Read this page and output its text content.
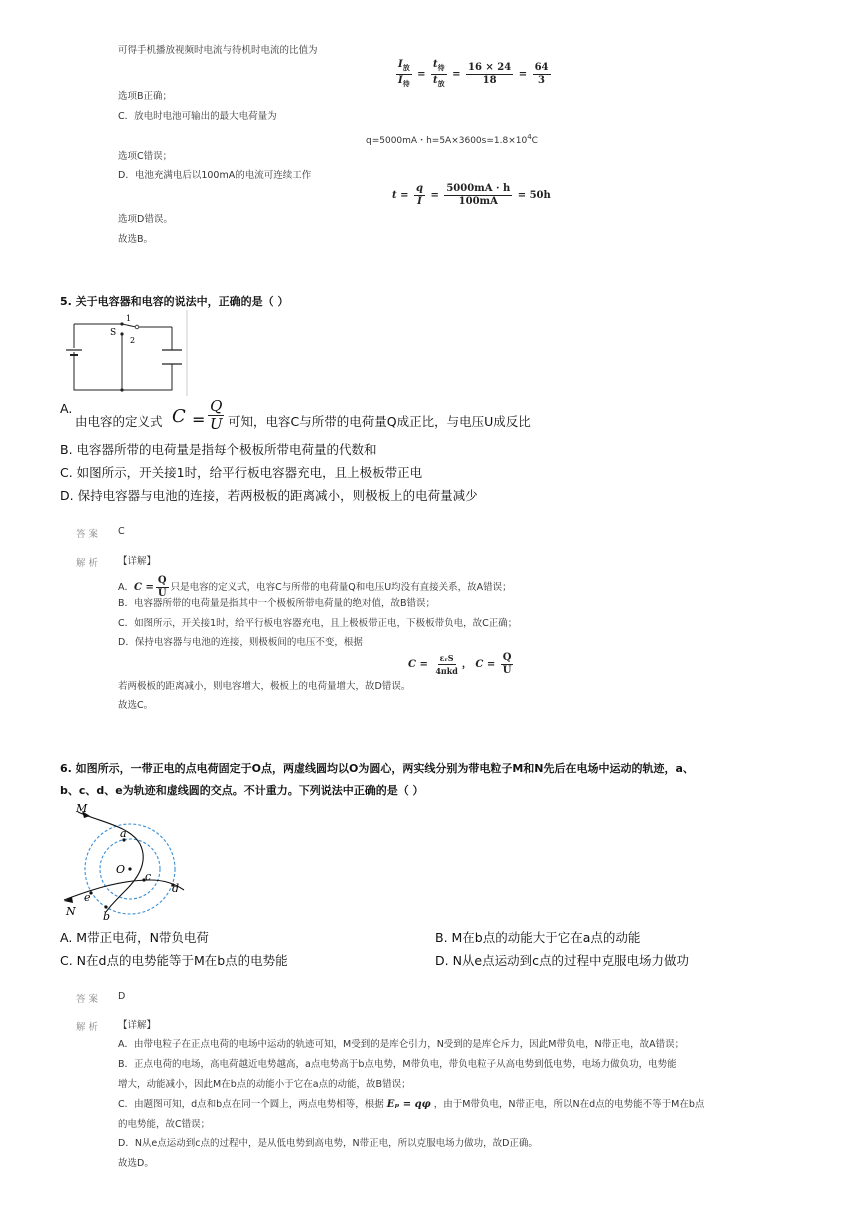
可得手机播放视频时电流与待机时电流的比值为
$\frac{I_放}{I_待} = \frac{t_待}{t_放} = \frac{16 \times 24}{18} = \frac{64}{3}$
选项B正确；
C．放电时电池可输出的最大电荷量为
q=5000mA・$h=5A\times 3600s=1.8\times 10^4C$
选项C错误；
D．电池充满电后以100mA的电流可连续工作
$t = \frac{q}{I} = \frac{5000mA \cdot h}{100mA} = 50h$
选项D错误。
故选B。
5. 关于电容器和电容的说法中，正确的是（ ）
S
1
2
A.
由电容的定义式 $C = \frac{Q}{U}$ 可知，电容C与所带的电荷量Q成正比，与电压U成反比
B. 电容器所带的电荷量是指每个极板所带电荷量的代数和
C. 如图所示，开关接1时，给平行板电容器充电，且上极板带正电
D. 保持电容器与电池的连接，若两极板的距离减小，则极板上的电荷量减少
答 案 C
解 析 【详解】
A．$C = \frac{Q}{U}$ 只是电容的定义式，电容C与所带的电荷量Q和电压U均没有直接关系，故A错误；
B．电容器所带的电荷量是指其中一个极板所带电荷量的绝对值，故B错误；
C．如图所示，开关接1时，给平行板电容器充电，且上极板带正电，下极板带负电，故C正确；
D．保持电容器与电池的连接，则极板间的电压不变，根据
$C = \frac{\text{εᵣS}}{\text{4πkd}}$ ， $C = \frac{Q}{U}$
若两极板的距离减小，则电容增大，极板上的电荷量增大，故D错误。
故选C。
6. 如图所示，一带正电的点电荷固定于O点，两虚线圆均以O为圆心，两实线分别为带电粒子M和N先后在电场中运动的轨迹，a、
b、c、d、e为轨迹和虚线圆的交点。不计重力。下列说法中正确的是（ ）
M
N
a
b
c
d
e
O
A. M带正电荷，N带负电荷	B. M在b点的动能大于它在a点的动能
C. N在d点的电势能等于M在b点的电势能	D. N从e点运动到c点的过程中克服电场力做功
答 案 D
解 析 【详解】
A．由带电粒子在正点电荷的电场中运动的轨迹可知，M受到的是库仑引力，N受到的是库仑斥力，因此M带负电，N带正电，故A错误；
B．正点电荷的电场，高电荷越近电势越高，a点电势高于b点电势，M带负电，带负电粒子从高电势到低电势，电场力做负功，电势能
增大，动能减小，因此M在b点的动能小于它在a点的动能，故B错误；
C．由题图可知，d点和b点在同一个圆上，两点电势相等，根据 Eₚ = qφ ，由于M带负电，N带正电，所以N在d点的电势能不等于M在b点
的电势能，故C错误；
D．N从e点运动到c点的过程中，是从低电势到高电势，N带正电，所以克服电场力做功，故D正确。
故选D。
